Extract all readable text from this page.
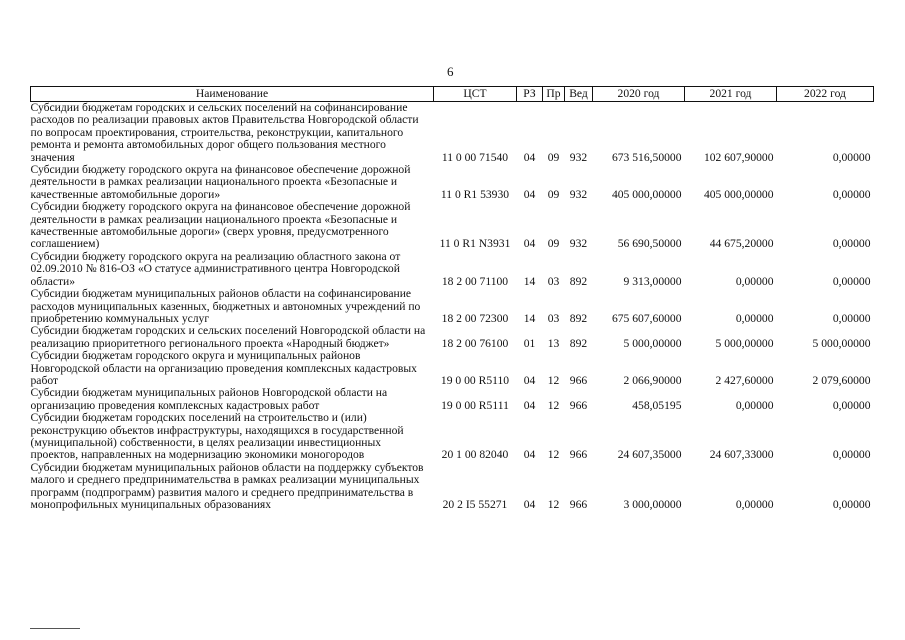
6
Наименование	ЦСТ	РЗ	Пр	Вед	2020 год	2021 год	2022 год
Субсидии бюджетам городских и сельских поселений на софинансирование расходов по реализации правовых актов Правительства Новгородской области по вопросам проектирования, строительства, реконструкции, капитального ремонта и ремонта автомобильных дорог общего пользования местного значения	11 0 00 71540	04	09	932	673 516,50000	102 607,90000	0,00000
Субсидии бюджету городского округа на финансовое обеспечение дорожной деятельности в рамках реализации национального проекта «Безопасные и качественные автомобильные дороги»	11 0 R1 53930	04	09	932	405 000,00000	405 000,00000	0,00000
Субсидии бюджету городского округа на финансовое обеспечение дорожной деятельности в рамках реализации национального проекта «Безопасные и качественные автомобильные дороги» (сверх уровня, предусмотренного соглашением)	11 0 R1 N3931	04	09	932	56 690,50000	44 675,20000	0,00000
Субсидии бюджету городского округа на реализацию областного закона от 02.09.2010 № 816-ОЗ «О статусе административного центра Новгородской области»	18 2 00 71100	14	03	892	9 313,00000	0,00000	0,00000
Субсидии бюджетам муниципальных районов области на софинансирование расходов муниципальных казенных, бюджетных и автономных учреждений по приобретению коммунальных услуг	18 2 00 72300	14	03	892	675 607,60000	0,00000	0,00000
Субсидии бюджетам городских и сельских поселений Новгородской области на реализацию приоритетного регионального проекта «Народный бюджет»	18 2 00 76100	01	13	892	5 000,00000	5 000,00000	5 000,00000
Субсидии бюджетам городского округа и муниципальных районов Новгородской области на организацию проведения комплексных кадастровых работ	19 0 00 R5110	04	12	966	2 066,90000	2 427,60000	2 079,60000
Субсидии бюджетам муниципальных районов Новгородской области на организацию проведения комплексных кадастровых работ	19 0 00 R5111	04	12	966	458,05195	0,00000	0,00000
Субсидии бюджетам городских поселений на строительство и (или) реконструкцию объектов инфраструктуры, находящихся в государственной (муниципальной) собственности, в целях реализации инвестиционных проектов, направленных на модернизацию экономики моногородов	20 1 00 82040	04	12	966	24 607,35000	24 607,33000	0,00000
Субсидии бюджетам муниципальных районов области на поддержку субъектов малого и среднего предпринимательства в рамках реализации муниципальных программ (подпрограмм) развития малого и среднего предпринимательства в монопрофильных муниципальных образованиях	20 2 I5 55271	04	12	966	3 000,00000	0,00000	0,00000
